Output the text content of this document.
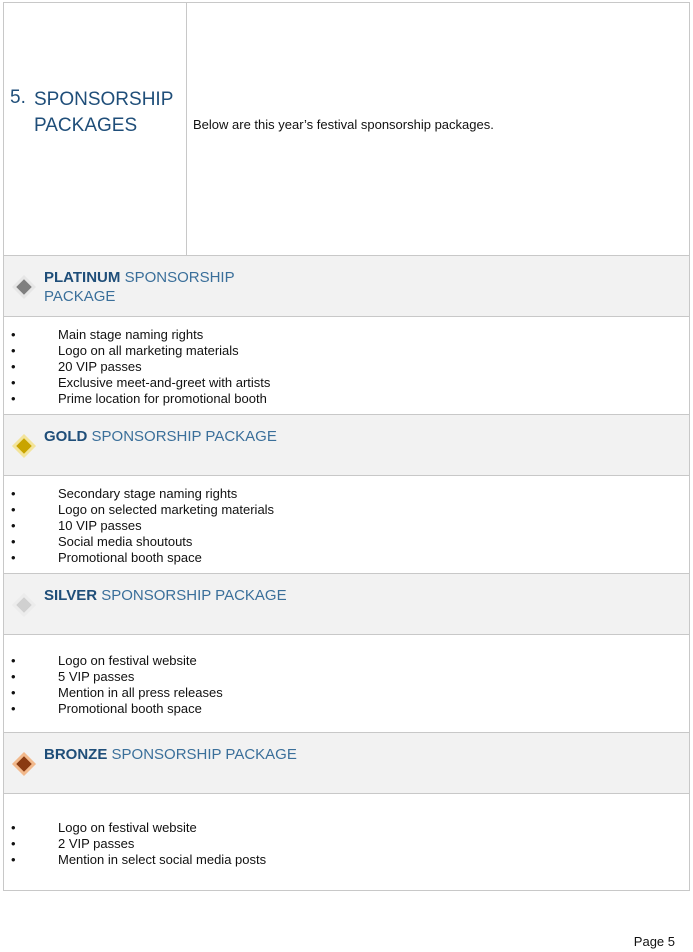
5. SPONSORSHIP PACKAGES	Below are this year’s festival sponsorship packages.
PLATINUM SPONSORSHIP PACKAGE
• Main stage naming rights
• Logo on all marketing materials
• 20 VIP passes
• Exclusive meet-and-greet with artists
• Prime location for promotional booth
GOLD SPONSORSHIP PACKAGE
• Secondary stage naming rights
• Logo on selected marketing materials
• 10 VIP passes
• Social media shoutouts
• Promotional booth space
SILVER SPONSORSHIP PACKAGE
• Logo on festival website
• 5 VIP passes
• Mention in all press releases
• Promotional booth space
BRONZE SPONSORSHIP PACKAGE
• Logo on festival website
• 2 VIP passes
• Mention in select social media posts
Page 5
